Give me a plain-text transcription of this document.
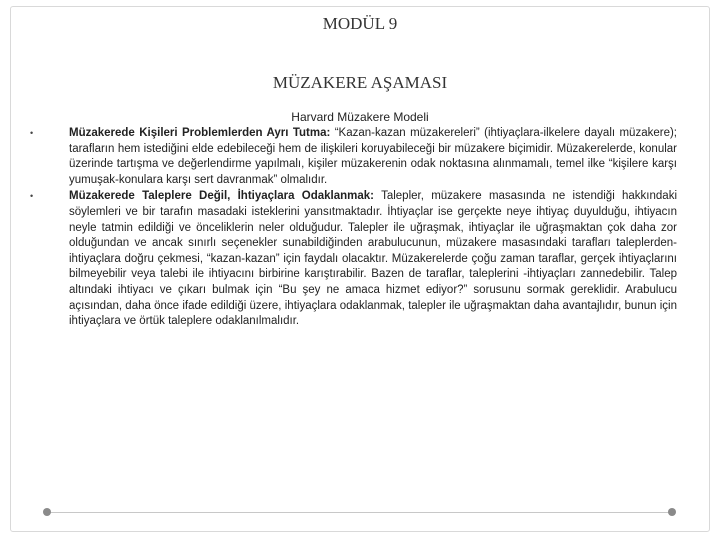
MODÜL 9
MÜZAKERE AŞAMASI
Harvard Müzakere Modeli
•	Müzakerede Kişileri Problemlerden Ayrı Tutma: “Kazan-kazan müzakereleri” (ihtiyaçlara-ilkelere dayalı müzakere); tarafların hem istediğini elde edebileceği hem de ilişkileri koruyabileceği bir müzakere biçimidir. Müzakerelerde, konular üzerinde tartışma ve değerlendirme yapılmalı, kişiler müzakerenin odak noktasına alınmamalı, temel ilke “kişilere karşı yumuşak-konulara karşı sert davranmak” olmalıdır.
•	Müzakerede Taleplere Değil, İhtiyaçlara Odaklanmak: Talepler, müzakere masasında ne istendiği hakkındaki söylemleri ve bir tarafın masadaki isteklerini yansıtmaktadır. İhtiyaçlar ise gerçekte neye ihtiyaç duyulduğu, ihtiyacın neyle tatmin edildiği ve önceliklerin neler olduğudur. Talepler ile uğraşmak, ihtiyaçlar ile uğraşmaktan çok daha zor olduğundan ve ancak sınırlı seçenekler sunabildiğinden arabulucunun, müzakere masasındaki tarafları taleplerden-ihtiyaçlara doğru çekmesi, “kazan-kazan” için faydalı olacaktır. Müzakerelerde çoğu zaman taraflar, gerçek ihtiyaçlarını bilmeyebilir veya talebi ile ihtiyacını birbirine karıştırabilir. Bazen de taraflar, taleplerini -ihtiyaçları zannedebilir. Talep altındaki ihtiyacı ve çıkarı bulmak için “Bu şey ne amaca hizmet ediyor?” sorusunu sormak gereklidir. Arabulucu açısından, daha önce ifade edildiği üzere, ihtiyaçlara odaklanmak, talepler ile uğraşmaktan daha avantajlıdır, bunun için ihtiyaçlara ve örtük taleplere odaklanılmalıdır.
